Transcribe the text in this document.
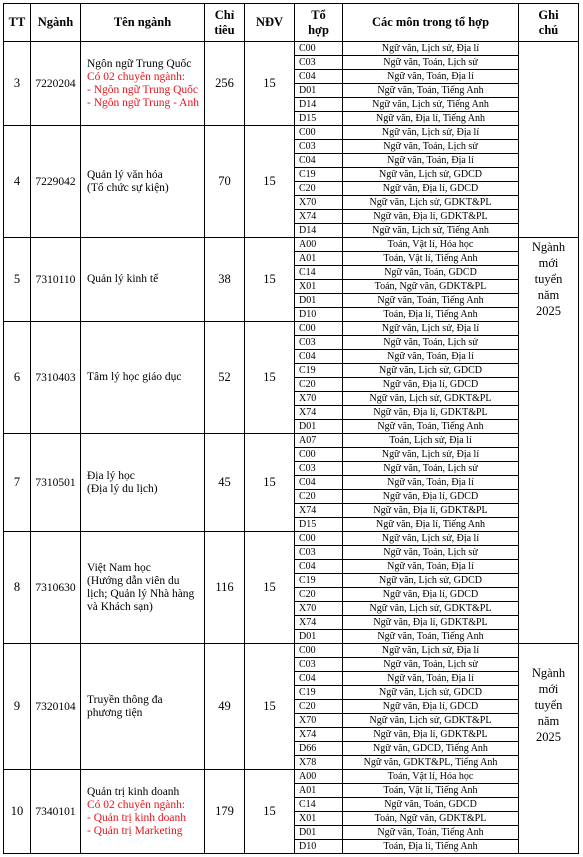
TT	Ngành	Tên ngành	Chỉ
tiêu	NĐV	Tổ
hợp	Các môn trong tổ hợp	Ghi
chú

3	7220204	Ngôn ngữ Trung Quốc
Có 02 chuyên ngành:
- Ngôn ngữ Trung Quốc
- Ngôn ngữ Trung - Anh	256	15	C00	Ngữ văn, Lịch sử, Địa lí	
					C03	Ngữ văn, Toán, Lịch sử	
					C04	Ngữ văn, Toán, Địa lí	
					D01	Ngữ văn, Toán, Tiếng Anh	
					D14	Ngữ văn, Lịch sử, Tiếng Anh	
					D15	Ngữ văn, Địa lí, Tiếng Anh	
4	7229042	Quản lý văn hóa
(Tổ chức sự kiện)	70	15	C00	Ngữ văn, Lịch sử, Địa lí	
					C03	Ngữ văn, Toán, Lịch sử	
					C04	Ngữ văn, Toán, Địa lí	
					C19	Ngữ văn, Lịch sử, GDCD	
					C20	Ngữ văn, Địa lí, GDCD	
					X70	Ngữ văn, Lịch sử, GDKT&PL	
					X74	Ngữ văn, Địa lí, GDKT&PL	
					D14	Ngữ văn, Lịch sử, Tiếng Anh	
5	7310110	Quản lý kinh tế	38	15	A00	Toán, Vật lí, Hóa học	Ngành
mới
tuyển
năm
2025

					A01	Toán, Vật lí, Tiếng Anh	
					C14	Ngữ văn, Toán, GDCD	
					X01	Toán, Ngữ văn, GDKT&PL	
					D01	Ngữ văn, Toán, Tiếng Anh	
					D10	Toán, Địa lí, Tiếng Anh	
6	7310403	Tâm lý học giáo dục	52	15	C00	Ngữ văn, Lịch sử, Địa lí	
					C03	Ngữ văn, Toán, Lịch sử	
					C04	Ngữ văn, Toán, Địa lí	
					C19	Ngữ văn, Lịch sử, GDCD	
					C20	Ngữ văn, Địa lí, GDCD	
					X70	Ngữ văn, Lịch sử, GDKT&PL	
					X74	Ngữ văn, Địa lí, GDKT&PL	
					D01	Ngữ văn, Toán, Tiếng Anh	
7	7310501	Địa lý học
(Địa lý du lịch)	45	15	A07	Toán, Lịch sử, Địa lí	
					C00	Ngữ văn, Lịch sử, Địa lí	
					C03	Ngữ văn, Toán, Lịch sử	
					C04	Ngữ văn, Toán, Địa lí	
					C20	Ngữ văn, Địa lí, GDCD	
					X74	Ngữ văn, Địa lí, GDKT&PL	
					D15	Ngữ văn, Địa lí, Tiếng Anh	
8	7310630	Việt Nam học
(Hướng dẫn viên du
lịch; Quản lý Nhà hàng
và Khách sạn)	116	15	C00	Ngữ văn, Lịch sử, Địa lí	
					C03	Ngữ văn, Toán, Lịch sử	
					C04	Ngữ văn, Toán, Địa lí	
					C19	Ngữ văn, Lịch sử, GDCD	
					C20	Ngữ văn, Địa lí, GDCD	
					X70	Ngữ văn, Lịch sử, GDKT&PL	
					X74	Ngữ văn, Địa lí, GDKT&PL	
					D01	Ngữ văn, Toán, Tiếng Anh	
9	7320104	Truyền thông đa
phương tiện	49	15	C00	Ngữ văn, Lịch sử, Địa lí	Ngành
mới
tuyển
năm
2025

					C03	Ngữ văn, Toán, Lịch sử	
					C04	Ngữ văn, Toán, Địa lí	
					C19	Ngữ văn, Lịch sử, GDCD	
					C20	Ngữ văn, Địa lí, GDCD	
					X70	Ngữ văn, Lịch sử, GDKT&PL	
					X74	Ngữ văn, Địa lí, GDKT&PL	
					D66	Ngữ văn, GDCD, Tiếng Anh	
					X78	Ngữ văn, GDKT&PL, Tiếng Anh	
10	7340101	Quản trị kinh doanh
Có 02 chuyên ngành:
- Quản trị kinh doanh
- Quản trị Marketing	179	15	A00	Toán, Vật lí, Hóa học	
					A01	Toán, Vật lí, Tiếng Anh	
					C14	Ngữ văn, Toán, GDCD	
					X01	Toán, Ngữ văn, GDKT&PL	
					D01	Ngữ văn, Toán, Tiếng Anh	
					D10	Toán, Địa lí, Tiếng Anh	
